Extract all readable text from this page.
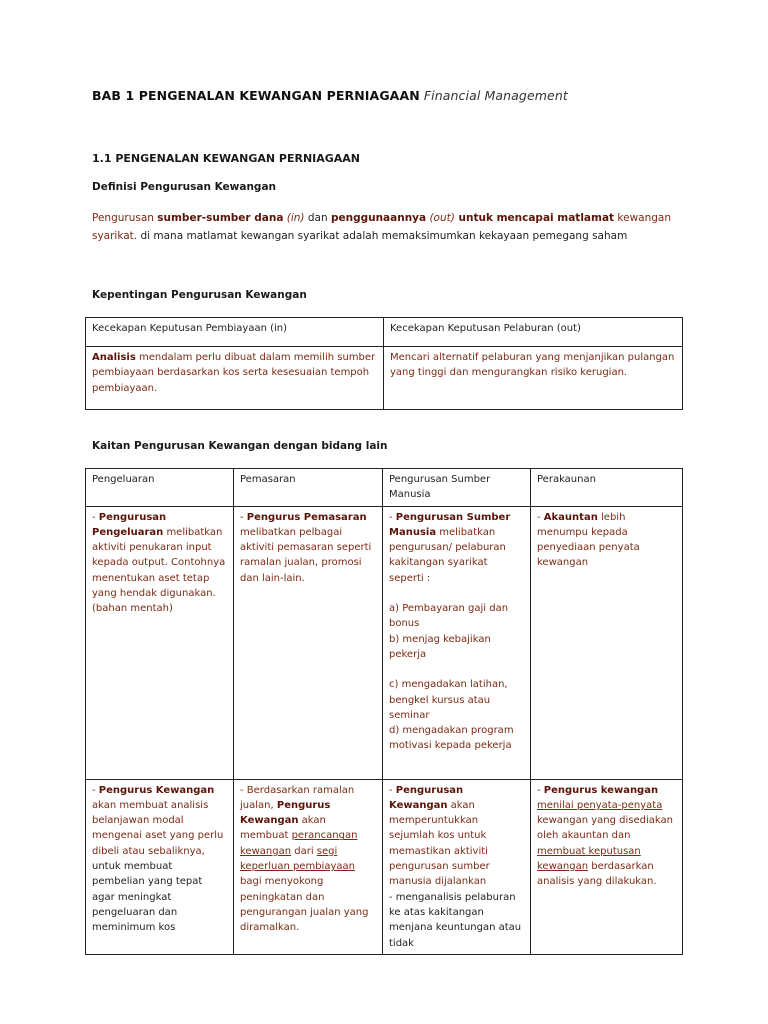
BAB 1 PENGENALAN KEWANGAN PERNIAGAAN Financial Management
1.1 PENGENALAN KEWANGAN PERNIAGAAN
Definisi Pengurusan Kewangan
Pengurusan sumber-sumber dana (in) dan penggunaannya (out) untuk mencapai matlamat kewangan syarikat. di mana matlamat kewangan syarikat adalah memaksimumkan kekayaan pemegang saham
Kepentingan Pengurusan Kewangan
Kecekapan Keputusan Pembiayaan (in)	Kecekapan Keputusan Pelaburan (out)
Analisis mendalam perlu dibuat dalam memilih sumber pembiayaan berdasarkan kos serta kesesuaian tempoh pembiayaan.	Mencari alternatif pelaburan yang menjanjikan pulangan yang tinggi dan mengurangkan risiko kerugian.
Kaitan Pengurusan Kewangan dengan bidang lain
Pengeluaran	Pemasaran	Pengurusan Sumber Manusia	Perakaunan
- Pengurusan Pengeluaran melibatkan aktiviti penukaran input kepada output. Contohnya menentukan aset tetap yang hendak digunakan. (bahan mentah)	- Pengurus Pemasaran melibatkan pelbagai aktiviti pemasaran seperti ramalan jualan, promosi dan lain-lain.	- Pengurusan Sumber Manusia melibatkan pengurusan/ pelaburan kakitangan syarikat seperti :
a) Pembayaran gaji dan bonus
b) menjag kebajikan pekerja
c) mengadakan latihan, bengkel kursus atau seminar
d) mengadakan program motivasi kepada pekerja	- Akauntan lebih menumpu kepada penyediaan penyata kewangan
- Pengurus Kewangan akan membuat analisis belanjawan modal mengenai aset yang perlu dibeli atau sebaliknya, untuk membuat pembelian yang tepat agar meningkat pengeluaran dan meminimum kos	- Berdasarkan ramalan jualan, Pengurus Kewangan akan membuat perancangan kewangan dari segi keperluan pembiayaan bagi menyokong peningkatan dan pengurangan jualan yang diramalkan.	- Pengurusan Kewangan akan memperuntukkan sejumlah kos untuk memastikan aktiviti pengurusan sumber manusia dijalankan
- menganalisis pelaburan ke atas kakitangan menjana keuntungan atau tidak	- Pengurus kewangan menilai penyata-penyata kewangan yang disediakan oleh akauntan dan membuat keputusan kewangan berdasarkan analisis yang dilakukan.
